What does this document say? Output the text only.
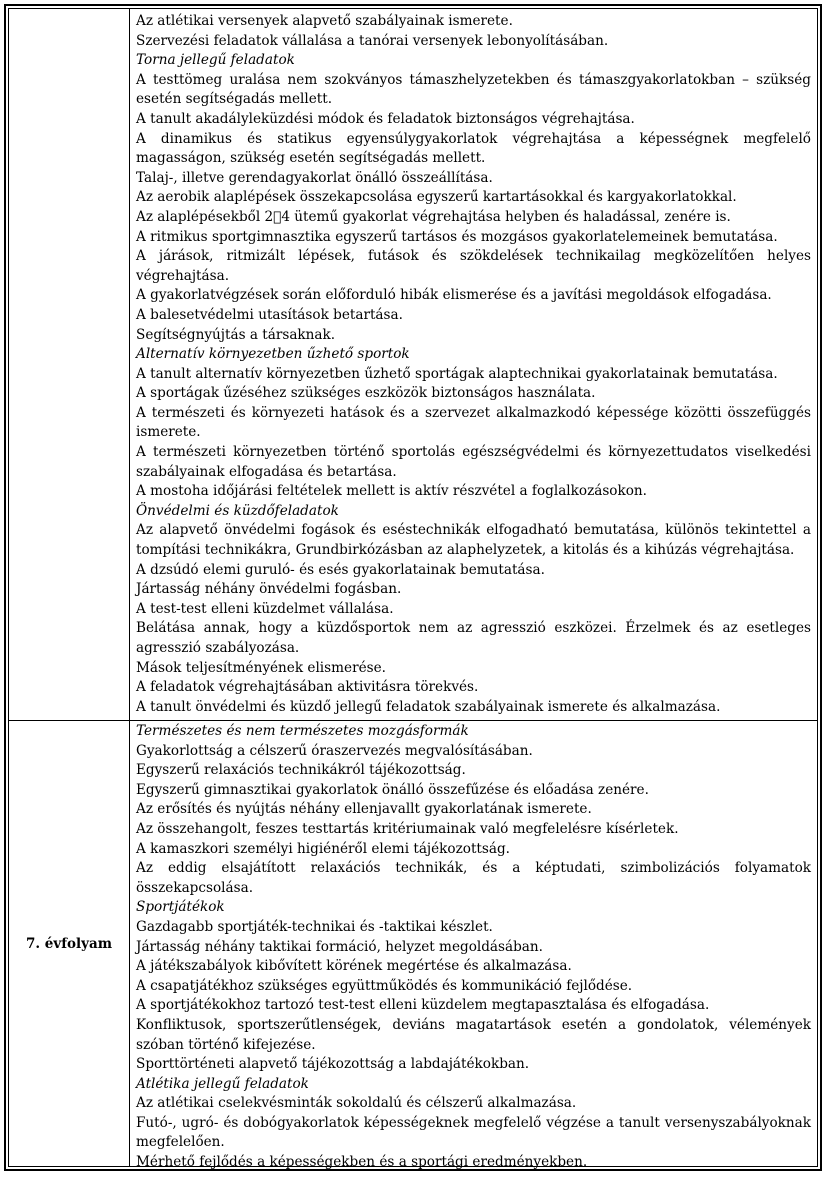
7. évfolyam
Az atlétikai versenyek alapvető szabályainak ismerete.
Szervezési feladatok vállalása a tanórai versenyek lebonyolításában.
Torna jellegű feladatok
A testtömeg uralása nem szokványos támaszhelyzetekben és támaszgyakorlatokban – szükség esetén segítségadás mellett.
A tanult akadályleküzdési módok és feladatok biztonságos végrehajtása.
A dinamikus és statikus egyensúlygyakorlatok végrehajtása a képességnek megfelelő magasságon, szükség esetén segítségadás mellett.
Talaj-, illetve gerendagyakorlat önálló összeállítása.
Az aerobik alaplépések összekapcsolása egyszerű kartartásokkal és kargyakorlatokkal.
Az alaplépésekből 2⃞4 ütemű gyakorlat végrehajtása helyben és haladással, zenére is.
A ritmikus sportgimnasztika egyszerű tartásos és mozgásos gyakorlatelemeinek bemutatása.
A járások, ritmizált lépések, futások és szökdelések technikailag megközelítően helyes végrehajtása.
A gyakorlatvégzések során előforduló hibák elismerése és a javítási megoldások elfogadása.
A balesetvédelmi utasítások betartása.
Segítségnyújtás a társaknak.
Alternatív környezetben űzhető sportok
A tanult alternatív környezetben űzhető sportágak alaptechnikai gyakorlatainak bemutatása.
A sportágak űzéséhez szükséges eszközök biztonságos használata.
A természeti és környezeti hatások és a szervezet alkalmazkodó képessége közötti összefüggés ismerete.
A természeti környezetben történő sportolás egészségvédelmi és környezettudatos viselkedési szabályainak elfogadása és betartása.
A mostoha időjárási feltételek mellett is aktív részvétel a foglalkozásokon.
Önvédelmi és küzdőfeladatok
Az alapvető önvédelmi fogások és eséstechnikák elfogadható bemutatása, különös tekintettel a tompítási technikákra, Grundbirkózásban az alaphelyzetek, a kitolás és a kihúzás végrehajtása.
A dzsúdó elemi guruló- és esés gyakorlatainak bemutatása.
Jártasság néhány önvédelmi fogásban.
A test-test elleni küzdelmet vállalása.
Belátása annak, hogy a küzdősportok nem az agresszió eszközei. Érzelmek és az esetleges agresszió szabályozása.
Mások teljesítményének elismerése.
A feladatok végrehajtásában aktivitásra törekvés.
A tanult önvédelmi és küzdő jellegű feladatok szabályainak ismerete és alkalmazása.
Természetes és nem természetes mozgásformák
Gyakorlottság a célszerű óraszervezés megvalósításában.
Egyszerű relaxációs technikákról tájékozottság.
Egyszerű gimnasztikai gyakorlatok önálló összefűzése és előadása zenére.
Az erősítés és nyújtás néhány ellenjavallt gyakorlatának ismerete.
Az összehangolt, feszes testtartás kritériumainak való megfelelésre kísérletek.
A kamaszkori személyi higiénéről elemi tájékozottság.
Az eddig elsajátított relaxációs technikák, és a képtudati, szimbolizációs folyamatok összekapcsolása.
Sportjátékok
Gazdagabb sportjáték-technikai és -taktikai készlet.
Jártasság néhány taktikai formáció, helyzet megoldásában.
A játékszabályok kibővített körének megértése és alkalmazása.
A csapatjátékhoz szükséges együttműködés és kommunikáció fejlődése.
A sportjátékokhoz tartozó test-test elleni küzdelem megtapasztalása és elfogadása.
Konfliktusok, sportszerűtlenségek, deviáns magatartások esetén a gondolatok, vélemények szóban történő kifejezése.
Sporttörténeti alapvető tájékozottság a labdajátékokban.
Atlétika jellegű feladatok
Az atlétikai cselekvésminták sokoldalú és célszerű alkalmazása.
Futó-, ugró- és dobógyakorlatok képességeknek megfelelő végzése a tanult versenyszabályoknak megfelelően.
Mérhető fejlődés a képességekben és a sportági eredményekben.
